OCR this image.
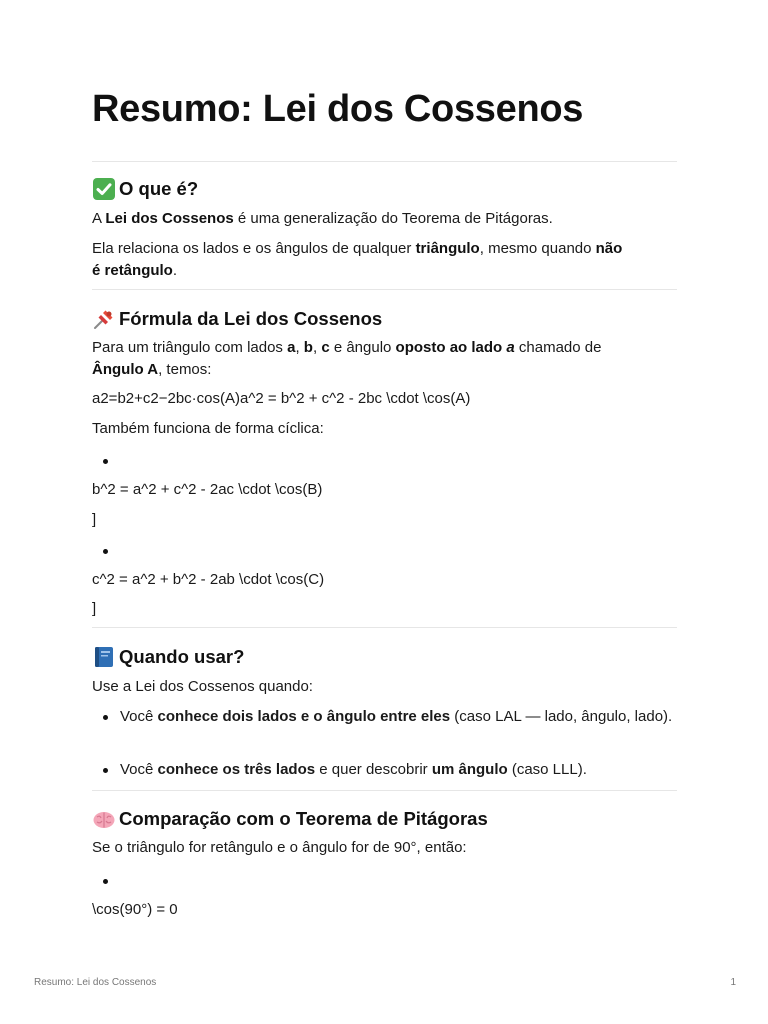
Resumo: Lei dos Cossenos
O que é?

A Lei dos Cossenos é uma generalização do Teorema de Pitágoras.

Ela relaciona os lados e os ângulos de qualquer triângulo, mesmo quando não
é retângulo.

Fórmula da Lei dos Cossenos

Para um triângulo com lados a, b, c e ângulo oposto ao lado a chamado de
Ângulo A, temos:

a2=b2+c2−2bc·cos(A)a^2 = b^2 + c^2 - 2bc \cdot \cos(A)

Também funciona de forma cíclica:

b^2 = a^2 + c^2 - 2ac \cdot \cos(B)

]

c^2 = a^2 + b^2 - 2ab \cdot \cos(C)

]

Quando usar?

Use a Lei dos Cossenos quando:

Você conhece dois lados e o ângulo entre eles (caso LAL — lado, ângulo, lado).
Você conhece os três lados e quer descobrir um ângulo (caso LLL).
Comparação com o Teorema de Pitágoras

Se o triângulo for retângulo e o ângulo for de 90°, então:

\cos(90°) = 0

Resumo: Lei dos Cossenos	1
